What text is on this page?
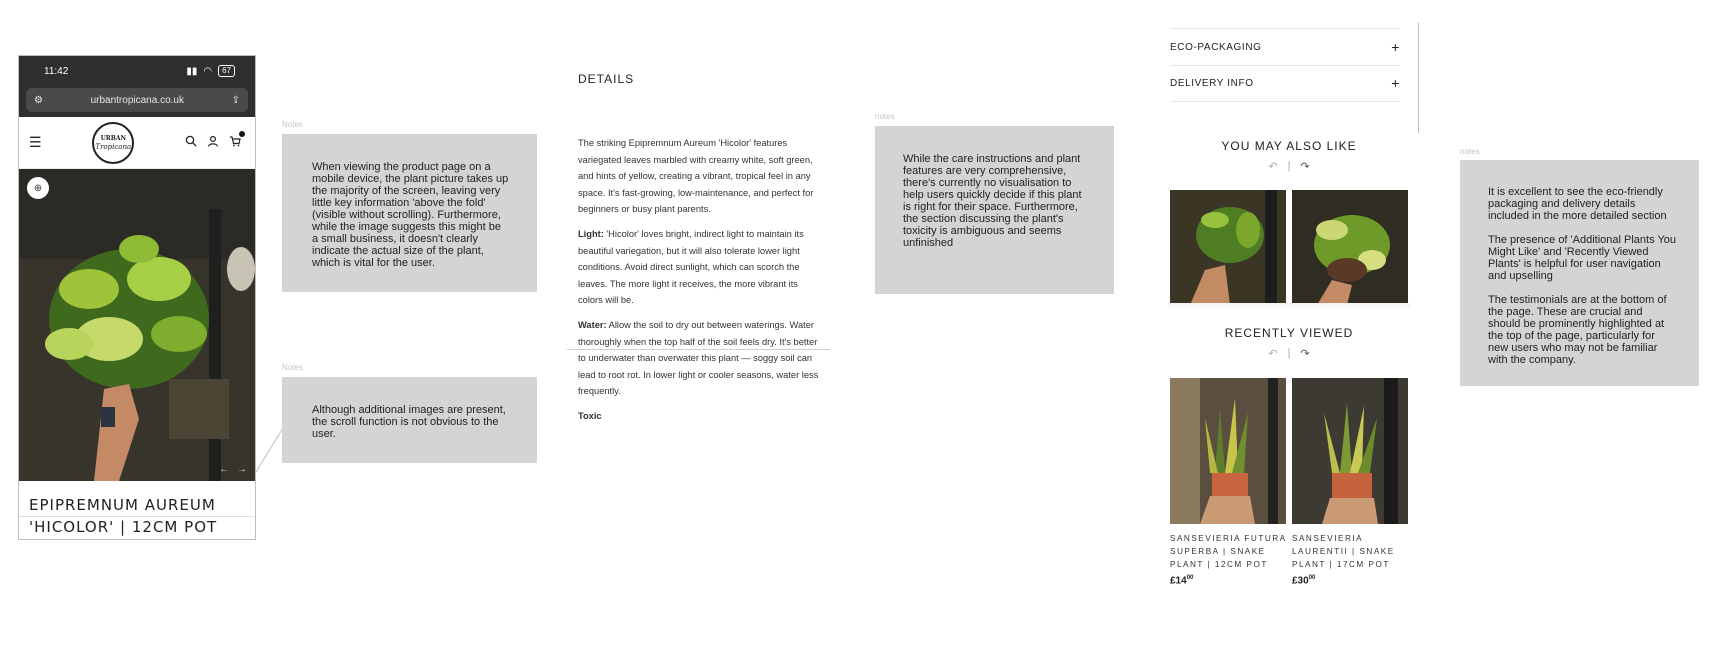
11:42	▮▮ ◠	67
⚙	urbantropicana.co.uk	⇪
☰	URBAN
Tropicana
⊕
← →
EPIPREMNUM AUREUM
'HICOLOR' | 12CM POT
Notes
When viewing the product page on a mobile device, the plant picture takes up the majority of the screen, leaving very little key information 'above the fold' (visible without scrolling). Furthermore, while the image suggests this might be a small business, it doesn't clearly indicate the actual size of the plant, which is vital for the user.
Notes
Although additional images are present, the scroll function is not obvious to the user.
notes
While the care instructions and plant features are very comprehensive, there's currently no visualisation to help users quickly decide if this plant is right for their space. Furthermore, the section discussing the plant's toxicity is ambiguous and seems unfinished
notes
It is excellent to see the eco-friendly packaging and delivery details included in the more detailed section
The presence of 'Additional Plants You Might Like' and 'Recently Viewed Plants' is helpful for user navigation and upselling
The testimonials are at the bottom of the page. These are crucial and should be prominently highlighted at the top of the page, particularly for new users who may not be familiar with the company.
DETAILS

The striking Epipremnum Aureum 'Hicolor' features variegated leaves marbled with creamy white, soft green, and hints of yellow, creating a vibrant, tropical feel in any space. It's fast-growing, low-maintenance, and perfect for beginners or busy plant parents.

Light: 'Hicolor' loves bright, indirect light to maintain its beautiful variegation, but it will also tolerate lower light conditions. Avoid direct sunlight, which can scorch the leaves. The more light it receives, the more vibrant its colors will be.

Water: Allow the soil to dry out between waterings. Water thoroughly when the top half of the soil feels dry. It's better to underwater than overwater this plant — soggy soil can lead to root rot. In lower light or cooler seasons, water less frequently.

Toxic

ECO-PACKAGING	+
DELIVERY INFO	+
YOU MAY ALSO LIKE
↶ | ↷
RECENTLY VIEWED
↶ | ↷
SANSEVIERIA FUTURA SUPERBA | SNAKE PLANT | 12CM POT
$£14^{00}$
SANSEVIERIA LAURENTII | SNAKE PLANT | 17CM POT
$£30^{00}$
